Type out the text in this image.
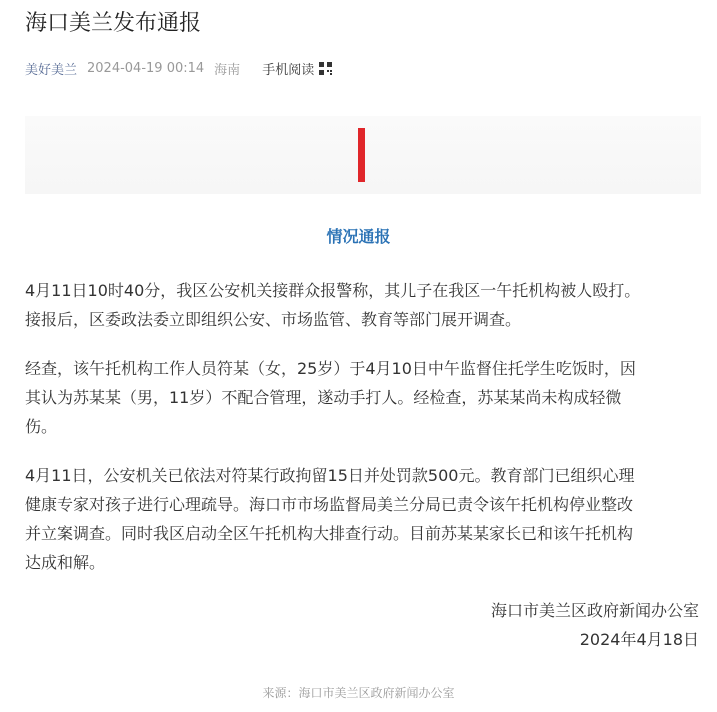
海口美兰发布通报
美好美兰 2024-04-19 00:14 海南 手机阅读
情况通报

4月11日10时40分，我区公安机关接群众报警称，其儿子在我区一午托机构被人殴打。
接报后，区委政法委立即组织公安、市场监管、教育等部门展开调查。

经查，该午托机构工作人员符某（女，25岁）于4月10日中午监督住托学生吃饭时，因
其认为苏某某（男，11岁）不配合管理，遂动手打人。经检查，苏某某尚未构成轻微
伤。

4月11日，公安机关已依法对符某行政拘留15日并处罚款500元。教育部门已组织心理
健康专家对孩子进行心理疏导。海口市市场监督局美兰分局已责令该午托机构停业整改
并立案调查。同时我区启动全区午托机构大排查行动。目前苏某某家长已和该午托机构
达成和解。

海口市美兰区政府新闻办公室
2024年4月18日
来源：海口市美兰区政府新闻办公室
